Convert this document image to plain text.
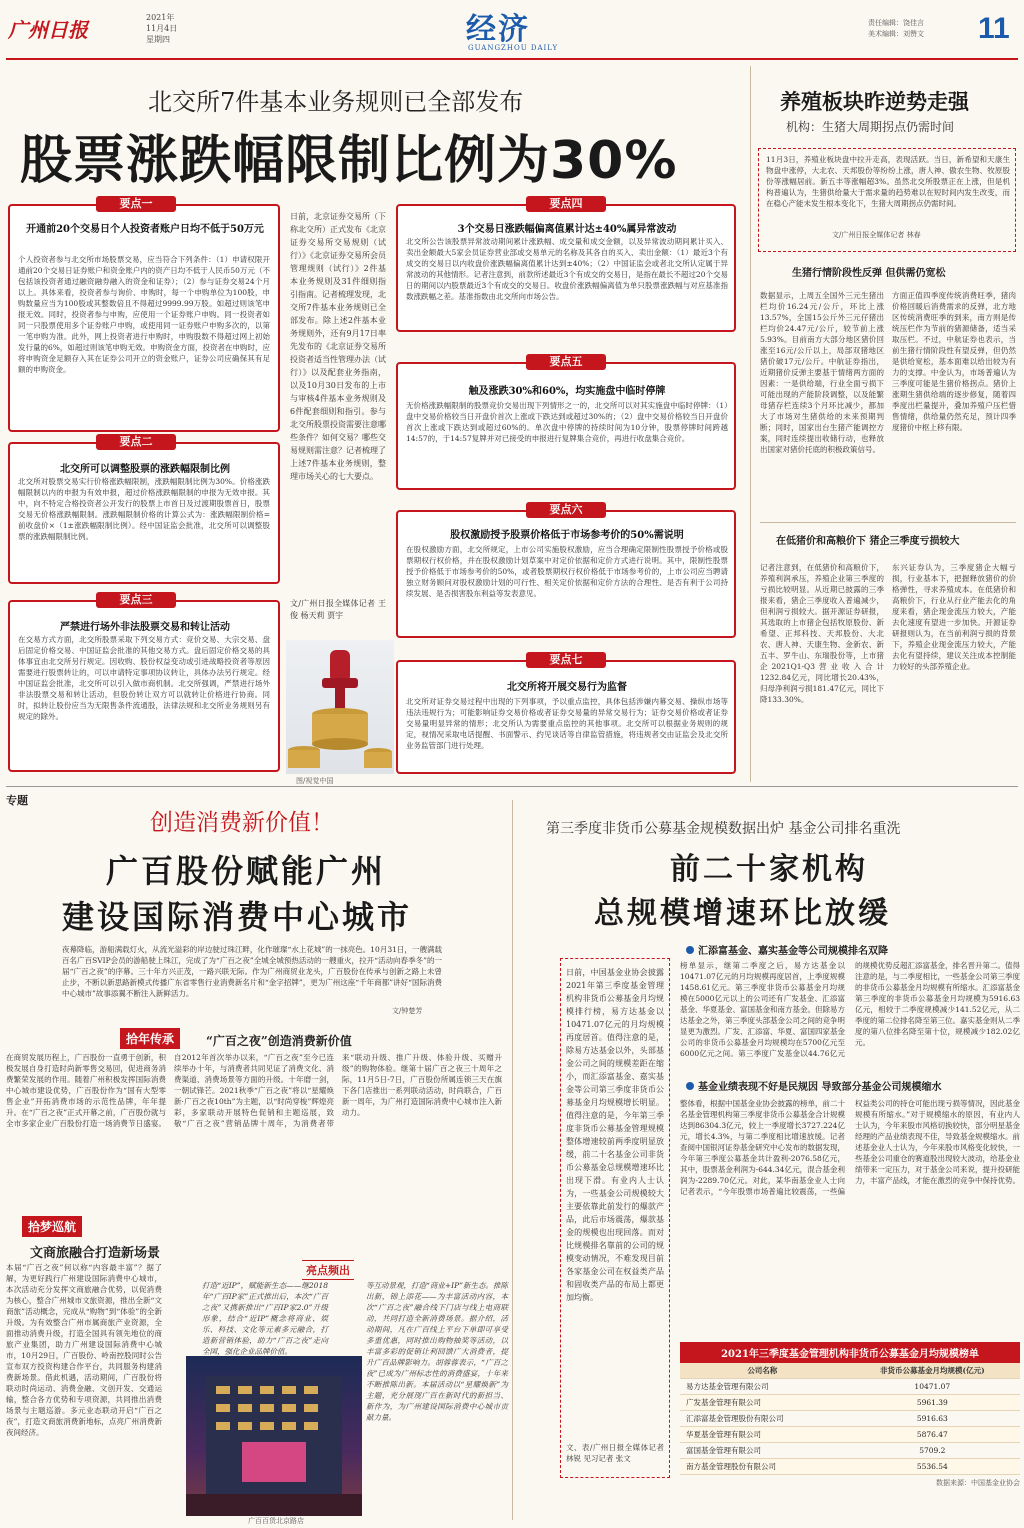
广州日报
2021年
11月4日
星期四	经济
GUANGZHOU DAILY
责任编辑：饶佳言
美术编辑：刘赞文 11
北交所7件基本业务规则已全部发布
股票涨跌幅限制比例为30%
要点一
开通前20个交易日个人投资者账户日均不低于50万元
个人投资者参与北交所市场股票交易，应当符合下列条件：（1）申请权限开通前20个交易日证券账户和资金账户内的资产日均不低于人民币50万元（不包括该投资者通过融资融券融入的资金和证券）；（2）参与证券交易24个月以上。具体来看，投资者参与询价、申购时，每一个申购单位为100股，申购数量应当为100股或其整数倍且不得超过9999.99万股。如超过则该笔申报无效。同时，投资者参与申购，应使用一个证券账户申购。同一投资者如同一只股票使用多个证券账户申购，或使用同一证券账户申购多次的，以第一笔申购为准。此外，网上投资者进行申购时，申购股数不得超过网上初始发行量的6%，如超过则该笔申购无效。申购资金方面，投资者在申购时，应将申购资金足额存入其在证券公司开立的资金账户，证券公司应确保其有足额的申购资金。
要点二
北交所可以调整股票的涨跌幅限制比例
北交所对股票交易实行价格涨跌幅限制，涨跌幅限制比例为30%。价格涨跌幅限制以内的申报为有效申报，超过价格涨跌幅限制的申报为无效申报。其中，向不特定合格投资者公开发行的股票上市首日及过渡期股票首日，股票交易无价格涨跌幅限制。涨跌幅限制价格的计算公式为：涨跌幅限制价格=前收盘价×（1±涨跌幅限制比例）。经中国证监会批准，北交所可以调整股票的涨跌幅限制比例。
要点三
严禁进行场外非法股票交易和转让活动
在交易方式方面，北交所股票采取下列交易方式：竞价交易、大宗交易、盘后固定价格交易、中国证监会批准的其他交易方式。盘后固定价格交易的具体事宜由北交所另行规定。因收购、股份权益变动或引进战略投资者等原因需要进行股票转让的，可以申请特定事项协议转让，具体办法另行规定。经中国证监会批准，北交所可以引入做市商机制。北交所强调，严禁进行场外非法股票交易和转让活动，但股份转让双方可以就转让价格进行协商。同时，拟转让股份应当为无限售条件流通股，法律法规和北交所业务规则另有规定的除外。
日前，北京证券交易所（下称北交所）正式发布《北京证券交易所交易规则（试行）》《北京证券交易所会员管理规则（试行）》2件基本业务规则及31件细则指引指南。记者梳理发现，北交所7件基本业务规则已全部发布。除上述2件基本业务规则外，还有9月17日率先发布的《北京证券交易所投资者适当性管理办法（试行）》以及配套业务指南，以及10月30日发布的上市与审核4件基本业务规则及6件配套细则和指引。参与北交所股票投资需要注意哪些条件？如何交易？哪些交易规则需注意？记者梳理了上述7件基本业务规则，整理市场关心的七大要点。
文/广州日报全媒体记者 王俊 杨天莉 贾宇
图/视觉中国
要点四
3个交易日涨跌幅偏离值累计达±40%属异常波动
北交所公告该股票异常波动期间累计涨跌幅、成交量和成交金额，以及异常波动期间累计买入、卖出金额最大5家会员证券营业部或交易单元的名称及其各自的买入、卖出金额：（1）最近3个有成交的交易日以内收盘价涨跌幅偏离值累计达到±40%；（2）中国证监会或者北交所认定属于异常波动的其他情形。记者注意到，前款所述最近3个有成交的交易日，是指在最长不超过20个交易日的期间以内股票最近3个有成交的交易日。收盘价涨跌幅偏离值为单只股票涨跌幅与对应基准指数涨跌幅之差。基准指数由北交所向市场公告。
要点五
触及涨跌30%和60%，均实施盘中临时停牌
无价格涨跌幅限制的股票竞价交易出现下列情形之一的，北交所可以对其实施盘中临时停牌：（1）盘中交易价格较当日开盘价首次上涨或下跌达到或超过30%的；（2）盘中交易价格较当日开盘价首次上涨或下跌达到或超过60%的。单次盘中停牌的持续时间为10分钟，股票停牌时间跨越14:57的，于14:57复牌并对已接受的申报进行复牌集合竞价，再进行收盘集合竞价。
要点六
股权激励授予股票价格低于市场参考价的50%需说明
在股权激励方面，北交所规定，上市公司实施股权激励，应当合理确定限制性股票授予价格或股票期权行权价格，并在股权激励计划草案中对定价依据和定价方式进行说明。其中，限制性股票授予价格低于市场参考价的50%，或者股票期权行权价格低于市场参考价的，上市公司应当聘请独立财务顾问对股权激励计划的可行性、相关定价依据和定价方法的合理性、是否有利于公司持续发展、是否损害股东利益等发表意见。
要点七
北交所将开展交易行为监督
北交所对证券交易过程中出现的下列事项，予以重点监控，具体包括涉嫌内幕交易、操纵市场等违法违规行为；可能影响证券交易价格或者证券交易量的异常交易行为；证券交易价格或者证券交易量明显异常的情形；北交所认为需要重点监控的其他事项。北交所可以根据业务规则的规定，视情况采取电话提醒、书面警示、约见谈话等自律监管措施，将违规者交由证监会及北交所业务监管部门进行处理。
养殖板块昨逆势走强
机构：生猪大周期拐点仍需时间
11月3日，养殖业板块盘中拉升走高，表现活跃。当日，新希望和天康生物盘中涨停，大北农、天邦股份等纷纷上涨，唐人神、傲农生物、牧原股份等涨幅居前。新五丰等涨幅超3%。虽然北交所股票正在上涨，但是机构普遍认为，生猪供给量大于需求量的趋势难以在短时间内发生改变，而在稳心产能未发生根本变化下，生猪大周期拐点仍需时间。
文/广州日报全媒体记者 林春
生猪行情阶段性反弹 但供需仍宽松
数据显示，上周五全国外三元生猪出栏均价16.24元/公斤，环比上涨13.57%，全国15公斤外三元仔猪出栏均价24.47元/公斤，较节前上涨5.93%。目前南方大部分地区猪价回涨至16元/公斤以上，局部双猪地区猪价破17元/公斤。中航证券指出，近期猪价反弹主要基于情绪两方面的因素：一是供给端，行业全面亏损下可能出现的产能阶段调整，以及能繁母猪存栏连续3个月环比减少，都加大了市场对生猪供给的未来预期判断；同时，国家出台生猪产能调控方案，同时连续提出收储行动，也释放出国家对猪价托底的积极政策信号。
方面正值四季度传统消费旺季，猪肉价格回暖后消费需求的反弹，北方地区传统消费旺季的到来，南方则是传统压栏作为节前的猪源储备，适当采取压栏。不过，中航证券也表示，当前生猪行情阶段性有望反弹，但仍然是供给宽松，基本面难以给出较为有力的支撑。中金认为，市场普遍认为三季度可能是生猪价格拐点。猪价上涨期生猪供给端的逐步修复，随着四季度出栏量提升，叠加养殖户压栏惜售情绪，供给量仍然充足，预计四季度猪价中枢上移有限。
在低猪价和高粮价下 猪企三季度亏损较大
记者注意到，在低猪价和高粮价下，养殖利润承压，养殖企业第三季度的亏损比较明显。从近期已披露的三季报来看，猪企三季度收入普遍减少，但利润亏损较大。据开源证券研报，其选取的上市猪企包括牧原股份、新希望、正邦科技、天邦股份、大北农、唐人神、天康生物、金新农、新五丰、罗牛山、东瑞股份等，上市猪企2021Q1-Q3营业收入合计1232.84亿元，同比增长20.43%，归母净利润亏损181.47亿元，同比下降133.30%。
东兴证券认为，三季度猪企大幅亏损，行业基本下，把握释放猪价的价格弹性，寻求养殖成本。在低猪价和高粮价下，行业从行业产能去化的角度来看，猪企现金流压力较大，产能去化速度有望进一步加快。开源证券研报则认为，在当前利润亏损的背景下，养殖企业现金流压力较大，产能去化有望持续，建议关注成本控制能力较好的头部养殖企业。
专题
创造消费新价值！
广百股份赋能广州
建设国际消费中心城市
夜幕降临，游船满载灯火，从流光溢彩的岸边驶过珠江畔，化作璀璨“水上花城”的一抹亮色。10月31日，一艘满载百名广百SVIP会员的游船驶上珠江，完成了为“广百之夜”全城全城预热活动的一艘重火，拉开“活动向春季冬”的一届“广百之夜”的序幕。三十年方兴正茂，一路兴联无际。作为广州商贸业龙头，广百股份在传承与创新之路上未曾止步，不断以新思路新模式传播广东省零售行业消费新名片和“金字招牌”，更为广州这座“千年商都”讲好“国际消费中心城市”故事添翼不断注入新鲜活力。
文/钟楚芳
拾年传承	“广百之夜”创造消费新价值
在商贸发展历程上，广百股份一直勇于创新，积极发展自身打造时尚新零售交易回，促进商务消费繁荣发展的作用。随着广州积极发挥国际消费中心城市建设优势，广百股份作为“国有大型零售企业”开拓消费市场的示范性品牌，年年提升。在“广百之夜”正式开幕之前，广百股份就与全市多家企业广百股份打造一场消费节日盛宴。自2012年首次举办以来，“广百之夜”至今已连续举办十年，与消费者共同见证了消费文化、消费渠道、消费场景等方面的升级。十年磨一剑，一朝试锋芒。2021秋季“广百之夜”将以“星耀焕新·广百之夜10th”为主题，以“时尚穿梭”辉煌亮彩，多家联动开展特色促销和主题巡展，致敬“广百之夜”营销品牌十周年，为消费者带来“联动升级、推广升级、体验升级、买赠升级”的购物体验。继第十届广百之夜三十周年之际，11月5日-7日，广百股份所属连锁三天在旗下各门店推出一系列联动活动，时尚联合，广百新一周年，为广州打造国际消费中心城市注入新动力。
拾梦巡航
文商旅融合打造新场景
本届“广百之夜”何以称“内容最丰富”？据了解，为更好践行广州建设国际消费中心城市，本次活动充分发挥文商旅融合优势，以促消费为核心，整合广州城市文旅资源，推出全新“文商旅”活动概念，完成从“购物”到“体验”的全新升级。为有效整合广州市属商旅产业资源，全面推动消费升级，打造全国具有领先地位的商旅产业集团，助力广州建设国际消费中心城市，10月29日，广百股份、岭南控股同时公告宣布双方投资构建合作平台，共同服务构建消费新场景。借此机遇，活动期间，广百股份将联动时尚运动、消费金融、文创开发、交通运输，整合各方优势和专项资源，共同推出消费场景与主题巡游。多元业态联动开启“广百之夜”，打造文商旅消费新地标，点亮广州消费新夜间经济。
广百百货北京路店
亮点频出
打造“近IP”，赋能新生态——继2018年“广百IP家”正式推出后，本次“广百之夜”又携新推出“广百IP家2.0”升级形象，结合“近IP”概念将商业、娱乐、科技、文化等元素多元融合，打造新营销体验，助力“广百之夜”走向全国，强化企业品牌价值。
等互动景观，打造“商业+IP”新生态。推陈出新，锦上添花——为丰富活动内容，本次“广百之夜”融合线下门店与线上电商联动，共同打造全新消费场景。据介绍，活动期间，凡在广百线上平台下单即可享受多重优惠，同时推出购物抽奖等活动，以丰富多彩的促销让利回馈广大消费者，提升广百品牌影响力。胡蓉蓉表示，“广百之夜”已成为广州标志性的消费盛宴，十年来不断推陈出新。本届活动以“星耀焕新”为主题，充分展现广百在新时代的新担当、新作为，为广州建设国际消费中心城市贡献力量。
第三季度非货币公募基金规模数据出炉 基金公司排名重洗
前二十家机构
总规模增速环比放缓
日前，中国基金业协会披露2021年第三季度基金管理机构非货币公募基金月均规模排行榜，易方达基金以10471.07亿元的月均规模再度居首。值得注意的是，除易方达基金以外，头部基金公司之间的规模差距在缩小，而汇添富基金、嘉实基金等公司第三季度非货币公募基金月均规模增长明显。值得注意的是，今年第三季度非货币公募基金管理规模整体增速较前两季度明显放缓，前二十名基金公司非货币公募基金总规模增速环比出现下滑。有业内人士认为，一些基金公司规模较大主要依靠此前发行的爆款产品，此后市场震荡，爆款基金的规模也出现回落。而对比规模排名靠前的公司的规模变动情况，不难发现目前各家基金公司在权益类产品和固收类产品的布局上都更加均衡。
文、表/广州日报全媒体记者 林锐 见习记者 张文
汇添富基金、嘉实基金等公司规模排名双降
榜单显示，继第二季度之后，易方达基金以10471.07亿元的月均规模再度居首，上季度规模1458.61亿元。第三季度非货币公募基金月均规模在5000亿元以上的公司还有广发基金、汇添富基金、华夏基金、富国基金和南方基金。但除易方达基金之外，第三季度头部基金公司之间的竞争明显更为激烈。广发、汇添富、华夏、富国四家基金公司的非货币公募基金月均规模均在5700亿元至6000亿元之间。第三季度广发基金以44.76亿元的规模优势反超汇添富基金，排名晋升第二。值得注意的是，与二季度相比，一些基金公司第三季度的非货币公募基金月均规模有所缩水。汇添富基金第三季度的非货币公募基金月均规模为5916.63亿元，相较于二季度规模减少141.52亿元，从二季度的第二位排名降至第三位。嘉实基金则从二季度的第八位排名降至第十位，规模减少182.02亿元。
基金业绩表现不好是民规因 导致部分基金公司规模缩水
整体看，根据中国基金业协会披露的榜单，前二十名基金管理机构第三季度非货币公募基金合计规模达到86304.3亿元，较上一季度增长3727.224亿元，增长4.3%，与第二季度相比增速放缓。记者查阅中国银河证券基金研究中心发布的数据发现，今年第三季度公募基金共计盈利-2076.58亿元，其中，股票基金利润为-644.34亿元，混合基金利润为-2289.70亿元。对此，某华南基金业人士向记者表示，“今年股票市场普遍比较震荡，一些偏权益类公司的持仓可能出现亏损等情况，因此基金规模有所缩水。”对于规模缩水的原因，有业内人士认为，今年来股市风格切换较快，部分明星基金经理的产品业绩表现不佳，导致基金规模缩水。前述基金业人士认为，今年来股市风格变化较快，一些基金公司重仓的赛道股出现较大波动，给基金业绩带来一定压力，对于基金公司来说，提升投研能力，丰富产品线，才能在激烈的竞争中保持优势。
2021年三季度基金管理机构非货币公募基金月均规模榜单
公司名称	非货币公募基金月均规模(亿元)
易方达基金管理有限公司	10471.07
广发基金管理有限公司	5961.39
汇添富基金管理股份有限公司	5916.63
华夏基金管理有限公司	5876.47
富国基金管理有限公司	5709.2
南方基金管理股份有限公司	5536.54
数据来源：中国基金业协会
